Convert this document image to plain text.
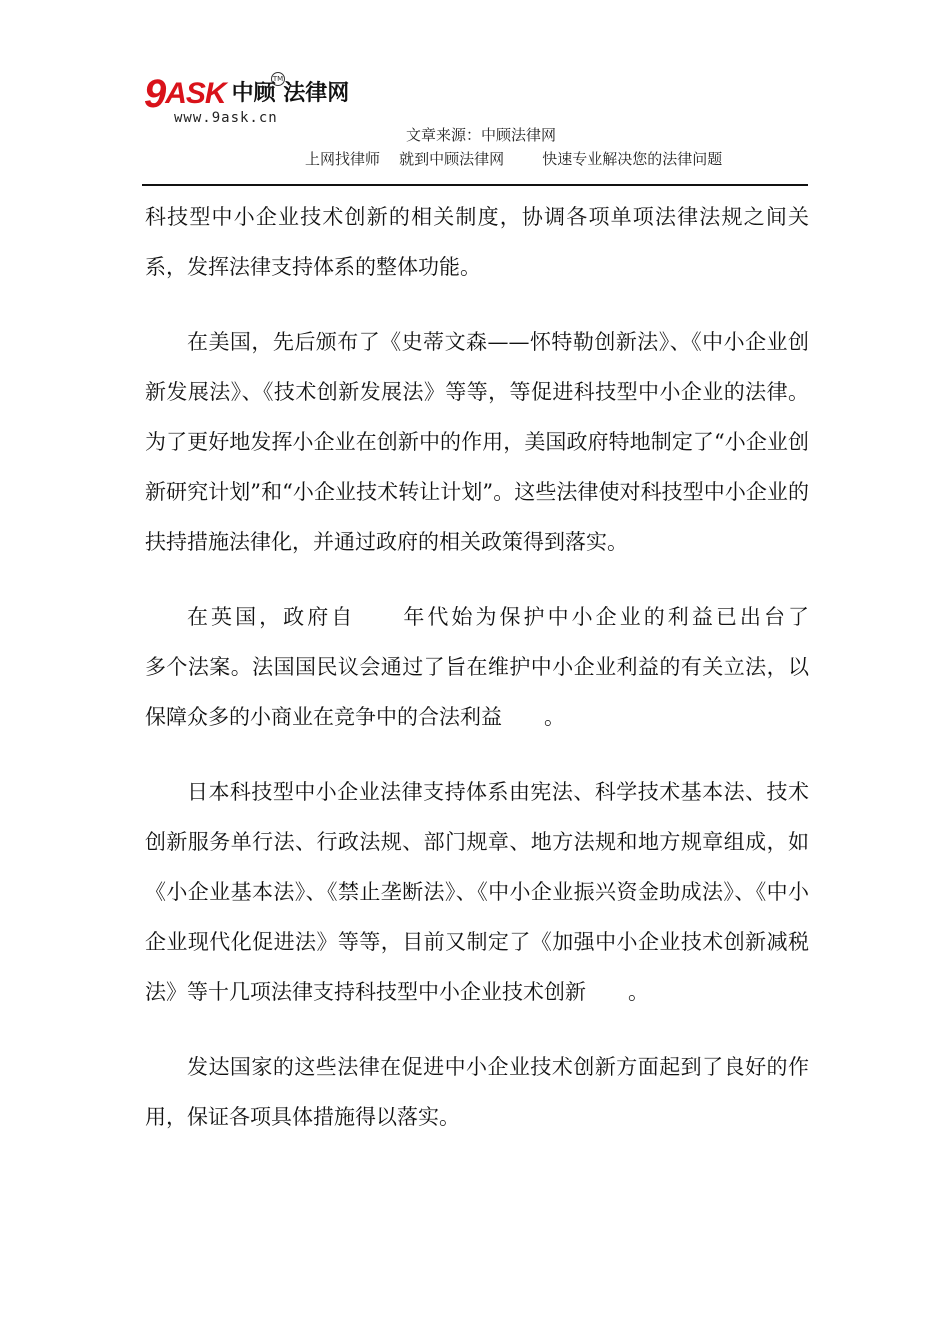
9 ASK 中顾 法律网
TM
www.9ask.cn
文章来源：中顾法律网
上网找律师    就到中顾法律网        快速专业解决您的法律问题

科技型中小企业技术创新的相关制度，协调各项单项法律法规之间关系，发挥法律支持体系的整体功能。

在美国，先后颁布了《史蒂文森——怀特勒创新法》、《中小企业创新发展法》、《技术创新发展法》等等，等促进科技型中小企业的法律。为了更好地发挥小企业在创新中的作用，美国政府特地制定了“小企业创新研究计划”和“小企业技术转让计划”。这些法律使对科技型中小企业的扶持措施法律化，并通过政府的相关政策得到落实。

在英国，政府自　　年代始为保护中小企业的利益已出台了　　　多个法案。法国国民议会通过了旨在维护中小企业利益的有关立法，以保障众多的小商业在竞争中的合法利益　　。

日本科技型中小企业法律支持体系由宪法、科学技术基本法、技术创新服务单行法、行政法规、部门规章、地方法规和地方规章组成，如《小企业基本法》、《禁止垄断法》、《中小企业振兴资金助成法》、《中小企业现代化促进法》等等，目前又制定了《加强中小企业技术创新减税法》等十几项法律支持科技型中小企业技术创新　　。

发达国家的这些法律在促进中小企业技术创新方面起到了良好的作用，保证各项具体措施得以落实。
